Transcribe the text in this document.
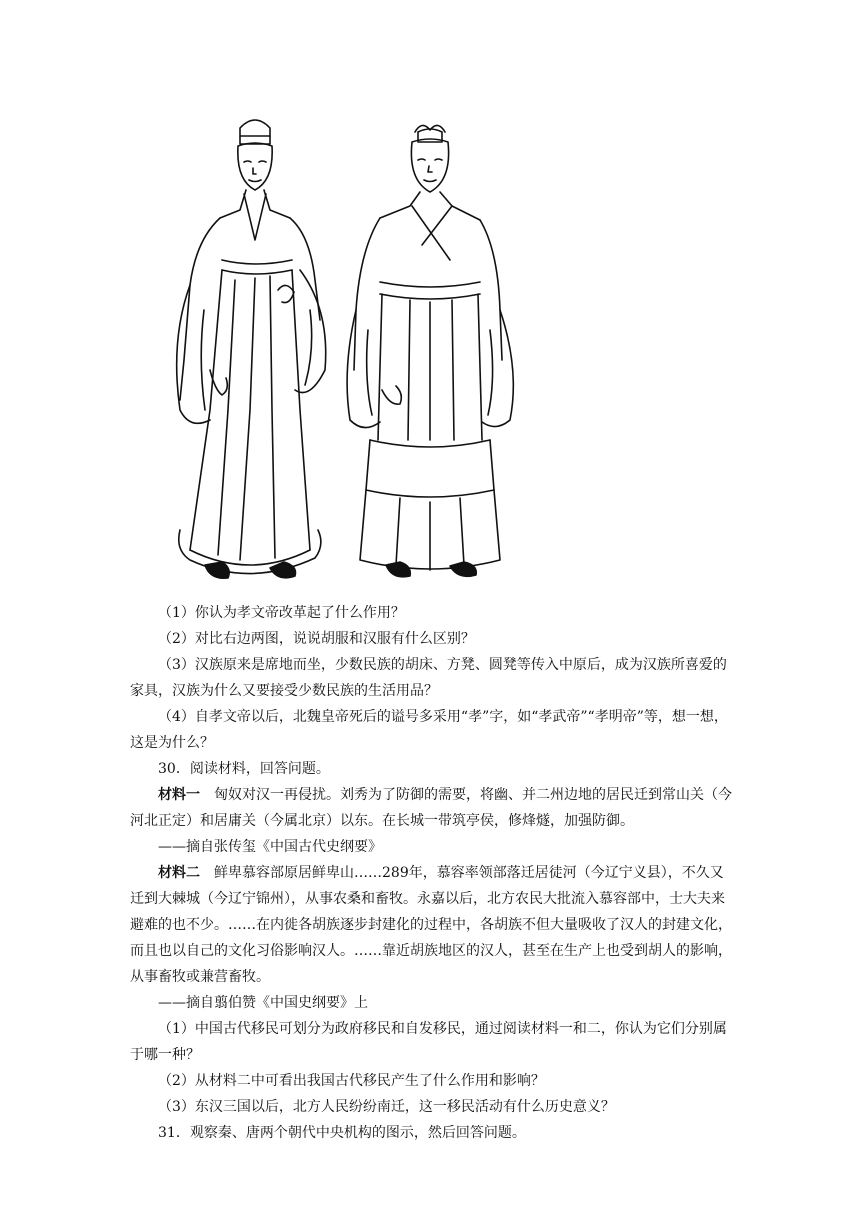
（1）你认为孝文帝改革起了什么作用？

（2）对比右边两图，说说胡服和汉服有什么区别？

（3）汉族原来是席地而坐，少数民族的胡床、方凳、圆凳等传入中原后，成为汉族所喜爱的家具，汉族为什么又要接受少数民族的生活用品？

（4）自孝文帝以后，北魏皇帝死后的谥号多采用“孝”字，如“孝武帝”“孝明帝”等，想一想，这是为什么？

30．阅读材料，回答问题。

材料一　匈奴对汉一再侵扰。刘秀为了防御的需要，将幽、并二州边地的居民迁到常山关（今河北正定）和居庸关（今属北京）以东。在长城一带筑亭侯，修烽燧，加强防御。

——摘自张传玺《中国古代史纲要》

材料二　鲜卑慕容部原居鲜卑山……289年，慕容率领部落迁居徒河（今辽宁义县），不久又迁到大棘城（今辽宁锦州），从事农桑和畜牧。永嘉以后，北方农民大批流入慕容部中，士大夫来避难的也不少。……在内徙各胡族逐步封建化的过程中，各胡族不但大量吸收了汉人的封建文化，而且也以自己的文化习俗影响汉人。……靠近胡族地区的汉人，甚至在生产上也受到胡人的影响，从事畜牧或兼营畜牧。

——摘自翦伯赞《中国史纲要》上

（1）中国古代移民可划分为政府移民和自发移民，通过阅读材料一和二，你认为它们分别属于哪一种？

（2）从材料二中可看出我国古代移民产生了什么作用和影响？

（3）东汉三国以后，北方人民纷纷南迁，这一移民活动有什么历史意义？

31．观察秦、唐两个朝代中央机构的图示，然后回答问题。
